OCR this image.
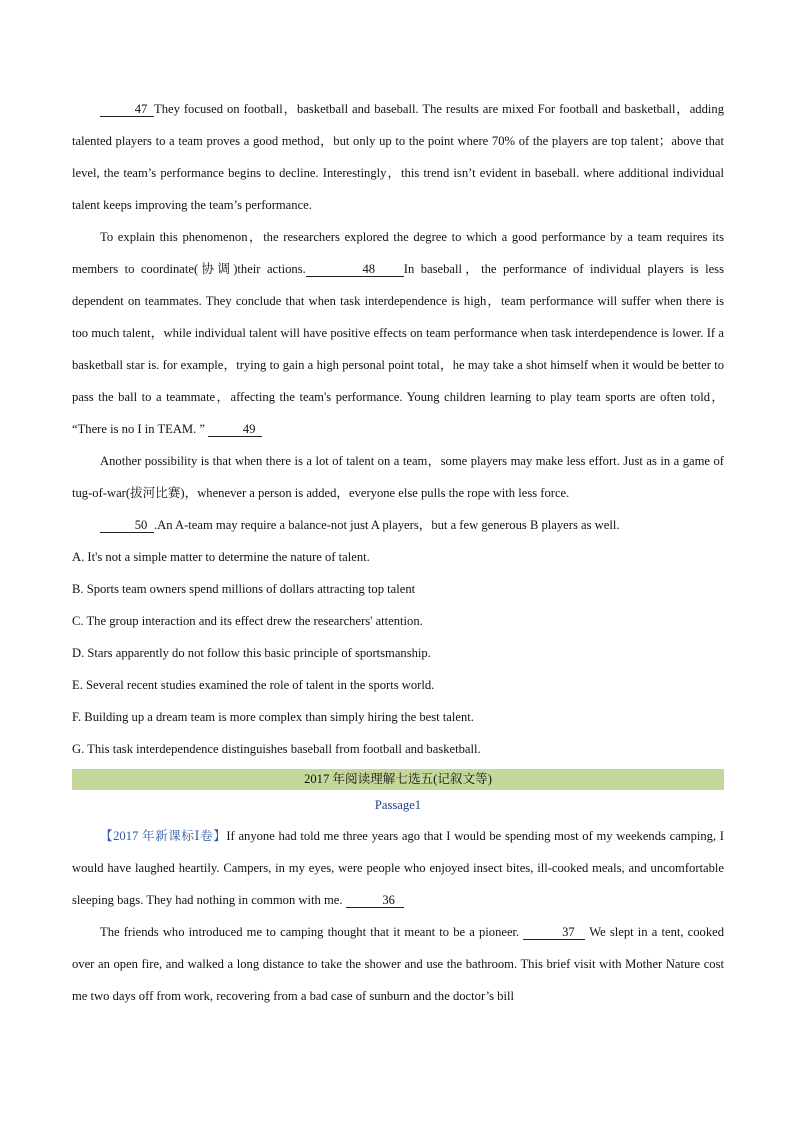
47 They focused on football，basketball and baseball. The results are mixed For football and basketball，adding talented players to a team proves a good method，but only up to the point where 70% of the players are top talent；above that level, the team’s performance begins to decline. Interestingly，this trend isn’t evident in baseball. where additional individual talent keeps improving the team’s performance.

To explain this phenomenon，the researchers explored the degree to which a good performance by a team requires its members to coordinate(协调)their actions.	48 In baseball，the performance of individual players is less dependent on teammates. They conclude that when task interdependence is high，team performance will suffer when there is too much talent，while individual talent will have positive effects on team performance when task interdependence is lower. If a basketball star is. for example，trying to gain a high personal point total，he may take a shot himself when it would be better to pass the ball to a teammate，affecting the team's performance. Young children learning to play team sports are often told， “There is no I in TEAM. ”	49

Another possibility is that when there is a lot of talent on a team，some players may make less effort. Just as in a game of tug-of-war(拔河比赛)，whenever a person is added，everyone else pulls the rope with less force.

50 .An A-team may require a balance-not just A players，but a few generous B players as well.

A. It's not a simple matter to determine the nature of talent.

B. Sports team owners spend millions of dollars attracting top talent

C. The group interaction and its effect drew the researchers' attention.

D. Stars apparently do not follow this basic principle of sportsmanship.

E. Several recent studies examined the role of talent in the sports world.

F. Building up a dream team is more complex than simply hiring the best talent.

G. This task interdependence distinguishes baseball from football and basketball.

2017 年阅读理解七选五(记叙文等)
Passage1

【2017 年新课标Ⅰ卷】If anyone had told me three years ago that I would be spending most of my weekends camping, I would have laughed heartily. Campers, in my eyes, were people who enjoyed insect bites, ill-cooked meals, and uncomfortable sleeping bags. They had nothing in common with me.	36

The friends who introduced me to camping thought that it meant to be a pioneer.	37 We slept in a tent, cooked over an open fire, and walked a long distance to take the shower and use the bathroom. This brief visit with Mother Nature cost me two days off from work, recovering from a bad case of sunburn and the doctor’s bill
